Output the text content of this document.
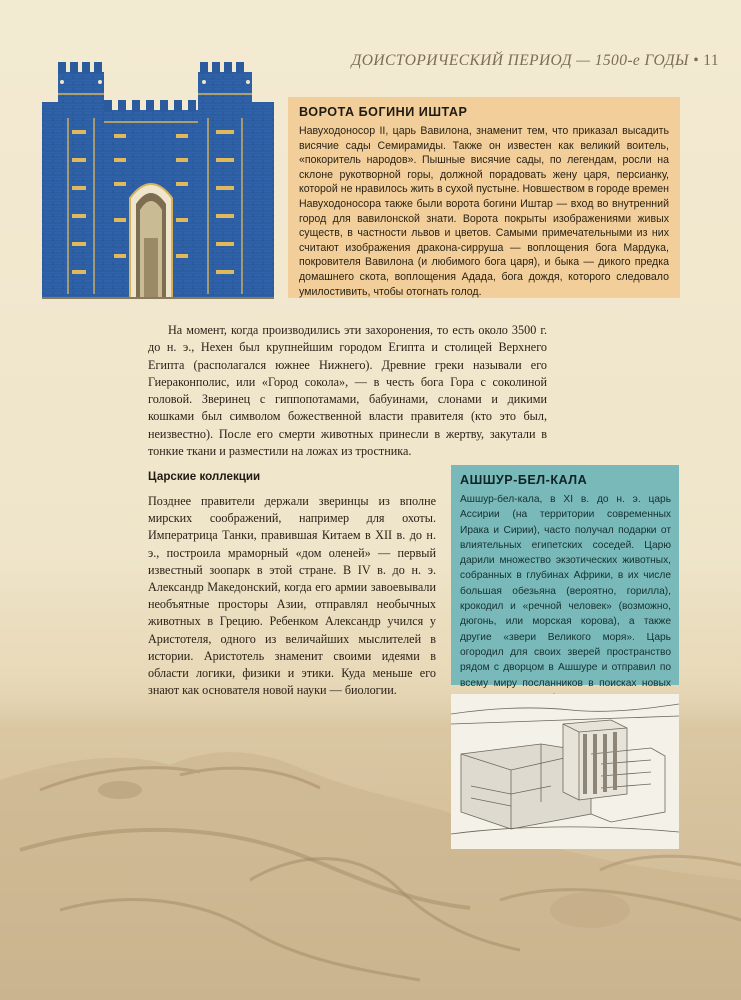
ДОИСТОРИЧЕСКИЙ ПЕРИОД — 1500-е ГОДЫ • 11
ВОРОТА БОГИНИ ИШТАР
Навуходоносор II, царь Вавилона, знаменит тем, что приказал высадить висячие сады Семирамиды. Также он известен как великий воитель, «покоритель народов». Пышные висячие сады, по легендам, росли на склоне рукотворной горы, должной порадовать жену царя, персианку, которой не нравилось жить в сухой пустыне. Новшеством в городе времен Навуходоносора также были ворота богини Иштар — вход во внутренний город для вавилонской знати. Ворота покрыты изображениями живых существ, в частности львов и цветов. Самыми примечательными из них считают изображения дракона-сирруша — воплощения бога Мардука, покровителя Вавилона (и любимого бога царя), и быка — дикого предка домашнего скота, воплощения Адада, бога дождя, которого следовало умилостивить, чтобы отогнать голод.
На момент, когда производились эти захоронения, то есть около 3500 г. до н. э., Нехен был крупнейшим городом Египта и столицей Верхнего Египта (располагался южнее Нижнего). Древние греки называли его Гиераконполис, или «Город сокола», — в честь бога Гора с соколиной головой. Зверинец с гиппопотамами, бабуинами, слонами и дикими кошками был символом божественной власти правителя (кто это был, неизвестно). После его смерти животных принесли в жертву, закутали в тонкие ткани и разместили на ложах из тростника.
Царские коллекции
Позднее правители держали зверинцы из вполне мирских соображений, например для охоты. Императрица Танки, правившая Китаем в XII в. до н. э., построила мраморный «дом оленей» — первый известный зоопарк в этой стране. В IV в. до н. э. Александр Македонский, когда его армии завоевывали необъятные просторы Азии, отправлял необычных животных в Грецию. Ребенком Александр учился у Аристотеля, одного из величайших мыслителей в истории. Аристотель знаменит своими идеями в области логики, физики и этики. Куда меньше его знают как основателя новой науки — биологии.
АШШУР-БЕЛ-КАЛА
Ашшур-бел-кала, в XI в. до н. э. царь Ассирии (на территории современных Ирака и Сирии), часто получал подарки от влиятельных египетских соседей. Царю дарили множество экзотических животных, собранных в глубинах Африки, в их числе большая обезьяна (вероятно, горилла), крокодил и «речной человек» (возможно, дюгонь, или морская корова), а также другие «звери Великого моря». Царь огородил для своих зверей пространство рядом с дворцом в Ашшуре и отправил по всему миру посланников в поисках новых
